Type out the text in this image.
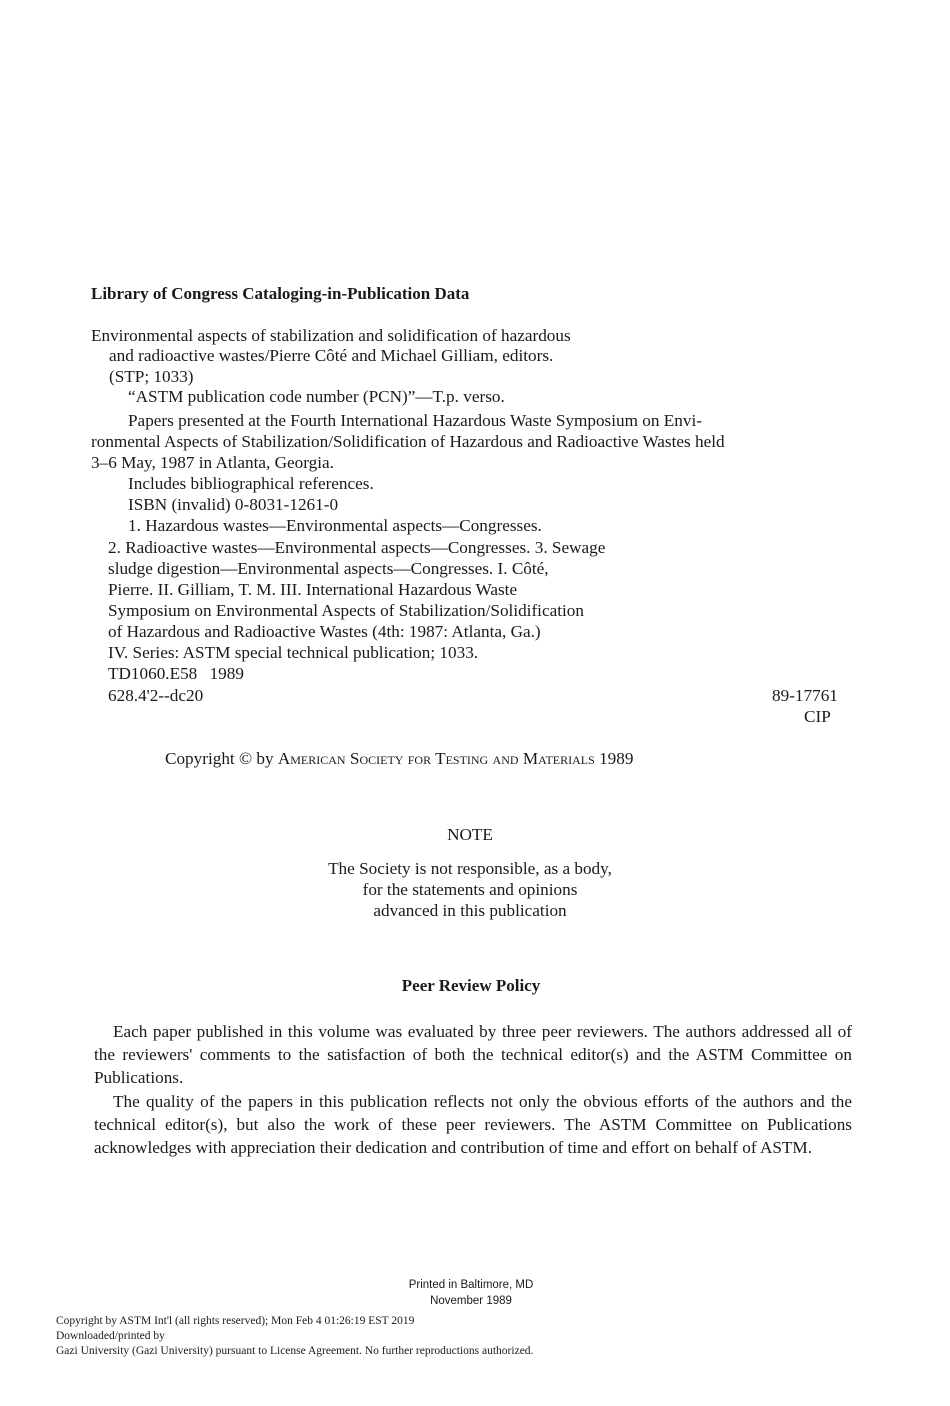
Library of Congress Cataloging-in-Publication Data
Environmental aspects of stabilization and solidification of hazardous
and radioactive wastes/Pierre Côté and Michael Gilliam, editors.
(STP; 1033)
“ASTM publication code number (PCN)”—T.p. verso.
Papers presented at the Fourth International Hazardous Waste Symposium on Envi-
ronmental Aspects of Stabilization/Solidification of Hazardous and Radioactive Wastes held
3–6 May, 1987 in Atlanta, Georgia.
Includes bibliographical references.
ISBN (invalid) 0-8031-1261-0
1. Hazardous wastes—Environmental aspects—Congresses.
2. Radioactive wastes—Environmental aspects—Congresses. 3. Sewage
sludge digestion—Environmental aspects—Congresses. I. Côté,
Pierre. II. Gilliam, T. M. III. International Hazardous Waste
Symposium on Environmental Aspects of Stabilization/Solidification
of Hazardous and Radioactive Wastes (4th: 1987: Atlanta, Ga.)
IV. Series: ASTM special technical publication; 1033.
TD1060.E58 1989
628.4'2--dc20	89-17761
CIP
Copyright © by American Society for Testing and Materials 1989
NOTE
The Society is not responsible, as a body,
for the statements and opinions
advanced in this publication
Peer Review Policy

Each paper published in this volume was evaluated by three peer reviewers. The authors addressed all of the reviewers' comments to the satisfaction of both the technical editor(s) and the ASTM Committee on Publications.

The quality of the papers in this publication reflects not only the obvious efforts of the authors and the technical editor(s), but also the work of these peer reviewers. The ASTM Committee on Publications acknowledges with appreciation their dedication and contribution of time and effort on behalf of ASTM.

Printed in Baltimore, MD
November 1989
Copyright by ASTM Int'l (all rights reserved); Mon Feb 4 01:26:19 EST 2019
Downloaded/printed by
Gazi University (Gazi University) pursuant to License Agreement. No further reproductions authorized.
